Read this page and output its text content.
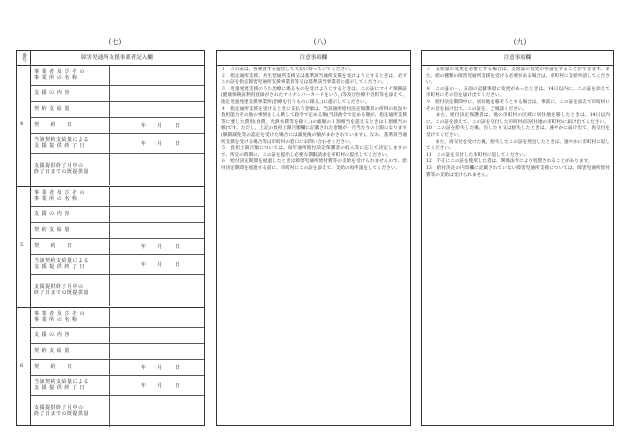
(七)	(八)	(九)
番号	障害児通所支援事業者記入欄
4
事 業 者 及 び そ の
事 業 所 の 名 称
支 援 の 内 容
契 約 支 給 量
契　　約　　日	年 月	日
当該契約支給量による
支 援 提 供 終 了 日	年 月	日
支援提供終了月中の
終了日までの既提供量
5
事 業 者 及 び そ の
事 業 所 の 名 称
支 援 の 内 容
契 約 支 給 量
契　　約　　日	年 月	日
当該契約支給量による
支 援 提 供 終 了 日	年 月	日
支援提供終了月中の
終了日までの既提供量
6
事 業 者 及 び そ の
事 業 所 の 名 称
支 援 の 内 容
契 約 支 給 量
契　　約　　日	年 月	日
当該契約支給量による
支 援 提 供 終 了 日	年 月	日
支援提供終了月中の
終了日までの既提供量
注意事項欄

１　この証は、各審査する提出して大切に持っていてください。

２　指定通所支援、共生型通所支援又は基準該当通所支援を受けようとするときは、必ずこの証を指定障害児通所支援事業者等又は基準該当事業者に提示してください。

３　児童発達支援のうち治療に係るものを受けようとするときは、この証にマイナ保険証(健康保険証利用登録がされたマイナンバーカードをいう。)等及び医療不自担等を添えて、指定児童発達支援事業所(治療を行うものに限る。)に提示してください。

４　指定通所支援を受けるときに支払う金額は、当該通所給付決定保護者の所得の状況や負担能力その他の事情をしん酌して政令で定める額(当該政令で定める額が、指定通所支援等に要した費用(食費、光熱水費等を除く。)の総額の１割相当を超えるときは１割相当の額)です。ただし、上記の負担上限月額欄に記載された金額が一月当たりの上限になります(額制減免等の認定を受けた場合には減免後の額がまかされています)。なお、基準該当通所支援を受ける場合等は市町村の窓口にお問い合わせください。

５　負担上限月額については、毎年通所給付決定保護者の収入等に応じて決定しますので、所定の時期に、この証を提出し必要な期限請求を市町村に提出してください。

６　給付決定期間を経過したときは障害児通所給付費等の支給を受けられませんので、給付決定期間を経過する前に、市町村にこの証を添えて、支給の再申請をしてください。

注意事項欄

７　支給量の変更を必要とする場合は、支給量の変更の申請をすることができます。また、給の種類の障害児通所支援を受ける必要がある場合は、市町村に支給申請してください。

８　この証の一、五面の記載事項に変更があったときは、14日以内に、この証を添えて市町村にその旨を届け出てください。

９　給付決定期間中に、居住地を移そうとする場合は、事前に、この証を添えて市町村にその旨を届け出て、この証を、ご相談ください。

　　また、給付決定保護者は、他の市町村の区域に居住地を移したときは、14日以内に、この証を添えて、この証を交付した市町村(旧居住地の市町村)に届け出てください。

10　この証を紛失した後、汚したり又は紛失したときは、速やかに届け出て、再交付を受けてください。

　　また、再交付を受けた後、紛失したこの証を発見したときは、速やかに市町村に返してください。

11　この証を交付した市町村に返してください。

12　不正にこの証を使用した者は、関係法令により処罰されることがあります。

13　給付決定の内容欄に記載されていない障害児通所支援については、障害児通所給付費等の支給は受けられません。
